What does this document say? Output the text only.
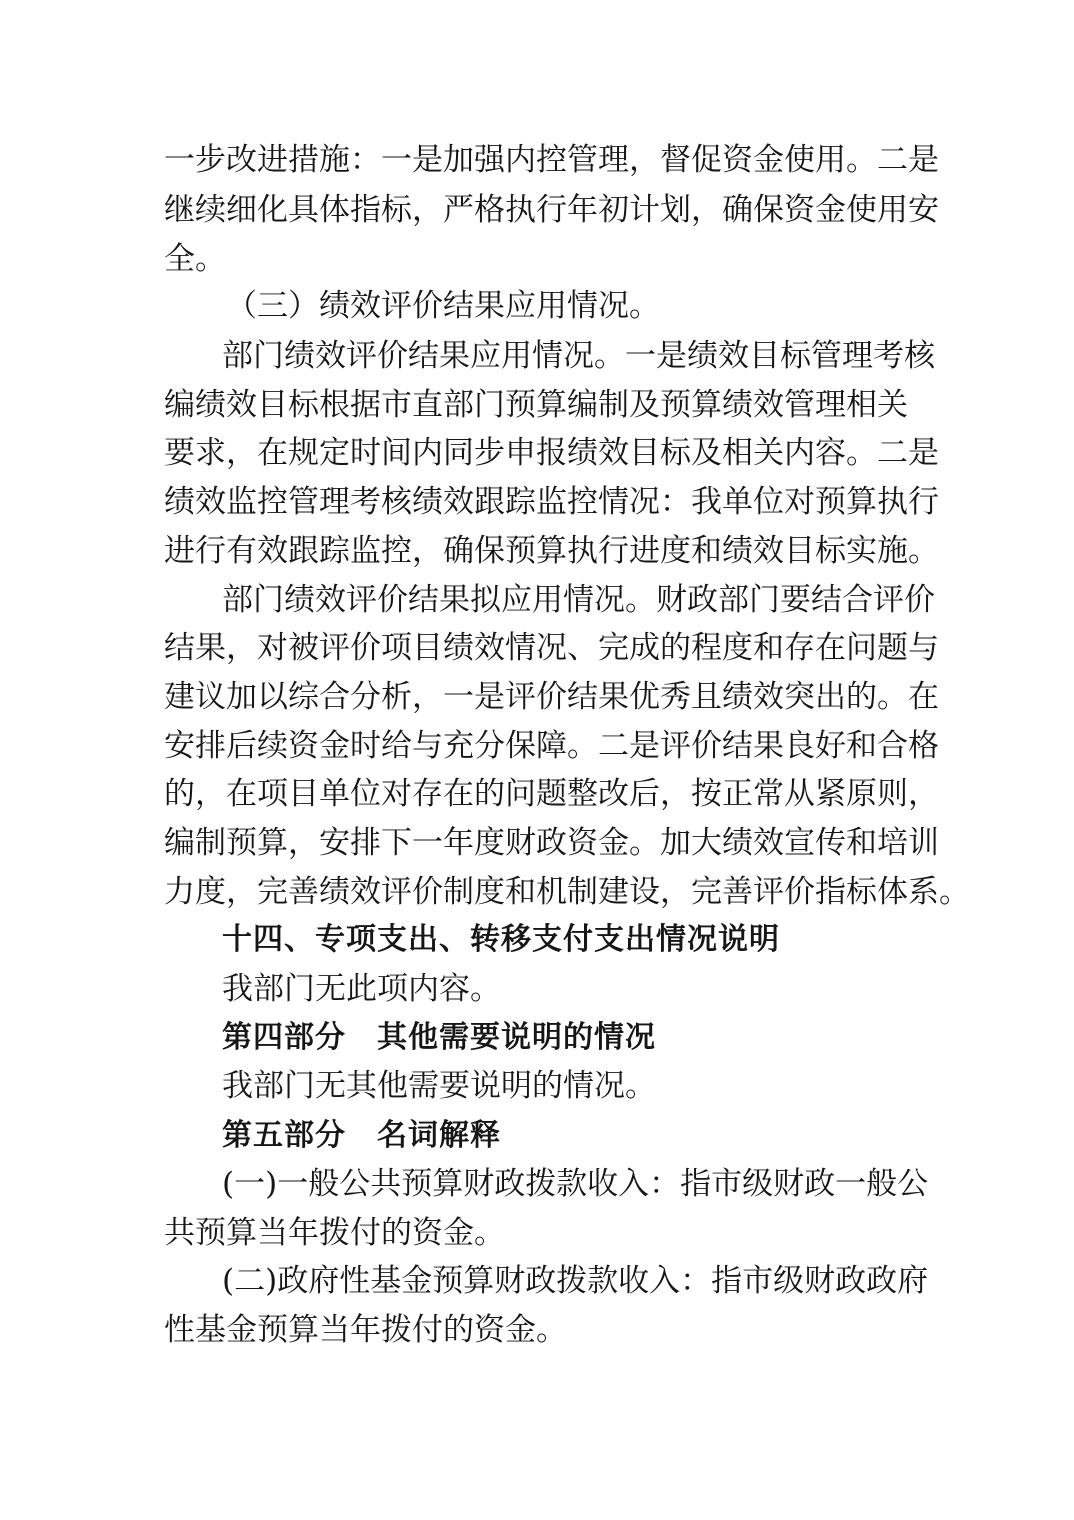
一步改进措施：一是加强内控管理，督促资金使用。二是
继续细化具体指标，严格执行年初计划，确保资金使用安
全。
（三）绩效评价结果应用情况。
部门绩效评价结果应用情况。一是绩效目标管理考核
编绩效目标根据市直部门预算编制及预算绩效管理相关
要求，在规定时间内同步申报绩效目标及相关内容。二是
绩效监控管理考核绩效跟踪监控情况：我单位对预算执行
进行有效跟踪监控，确保预算执行进度和绩效目标实施。
部门绩效评价结果拟应用情况。财政部门要结合评价
结果，对被评价项目绩效情况、完成的程度和存在问题与
建议加以综合分析，一是评价结果优秀且绩效突出的。在
安排后续资金时给与充分保障。二是评价结果良好和合格
的，在项目单位对存在的问题整改后，按正常从紧原则，
编制预算，安排下一年度财政资金。加大绩效宣传和培训
力度，完善绩效评价制度和机制建设，完善评价指标体系。
十四、专项支出、转移支付支出情况说明
我部门无此项内容。
第四部分　其他需要说明的情况
我部门无其他需要说明的情况。
第五部分　名词解释
(一)一般公共预算财政拨款收入：指市级财政一般公
共预算当年拨付的资金。
(二)政府性基金预算财政拨款收入：指市级财政政府
性基金预算当年拨付的资金。
